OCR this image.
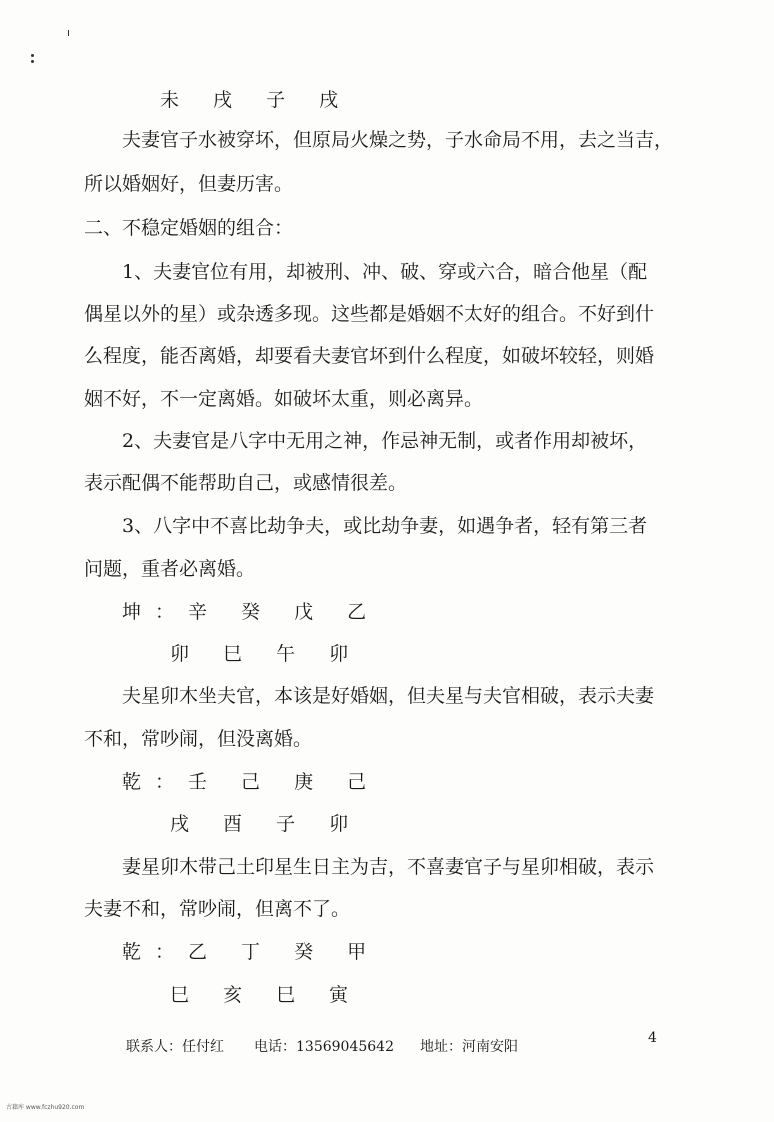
未 戌 子 戌
夫妻官子水被穿坏，但原局火燥之势，子水命局不用，去之当吉，
所以婚姻好，但妻历害。
二、不稳定婚姻的组合：
1、夫妻官位有用，却被刑、冲、破、穿或六合，暗合他星（配
偶星以外的星）或杂透多现。这些都是婚姻不太好的组合。不好到什
么程度，能否离婚，却要看夫妻官坏到什么程度，如破坏较轻，则婚
姻不好，不一定离婚。如破坏太重，则必离异。
2、夫妻官是八字中无用之神，作忌神无制，或者作用却被坏，
表示配偶不能帮助自己，或感情很差。
3、八字中不喜比劫争夫，或比劫争妻，如遇争者，轻有第三者
问题，重者必离婚。
坤：辛 癸 戊 乙
卯 巳 午 卯
夫星卯木坐夫官，本该是好婚姻，但夫星与夫官相破，表示夫妻
不和，常吵闹，但没离婚。
乾：壬 己 庚 己
戌 酉 子 卯
妻星卯木带己土印星生日主为吉，不喜妻官子与星卯相破，表示
夫妻不和，常吵闹，但离不了。
乾：乙 丁 癸 甲
巳 亥 巳 寅
联系人：任付红 电话：13569045642 地址：河南安阳
4
古籍库 www.fczhu920.com
